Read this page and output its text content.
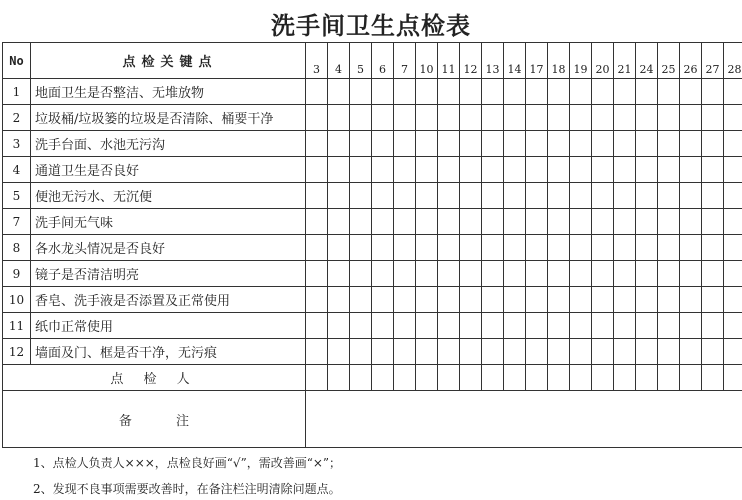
洗手间卫生点检表
No	点检关键点	3	4	5	6	7	10	11	12	13	14	17	18	19	20	21	24	25	26	27	28
1	地面卫生是否整洁、无堆放物																				
2	垃圾桶/垃圾篓的垃圾是否清除、桶要干净																				
3	洗手台面、水池无污沟																				
4	通道卫生是否良好																				
5	便池无污水、无沉便																				
7	洗手间无气味																				
8	各水龙头情况是否良好																				
9	镜子是否清洁明亮																				
10	香皂、洗手液是否添置及正常使用																				
11	纸巾正常使用																				
12	墙面及门、框是否干净，无污痕																				
点 检 人																					
备 注																					
1、点检人负责人×××，点检良好画“√”，需改善画“×”；
2、发现不良事项需要改善时，在备注栏注明清除问题点。
